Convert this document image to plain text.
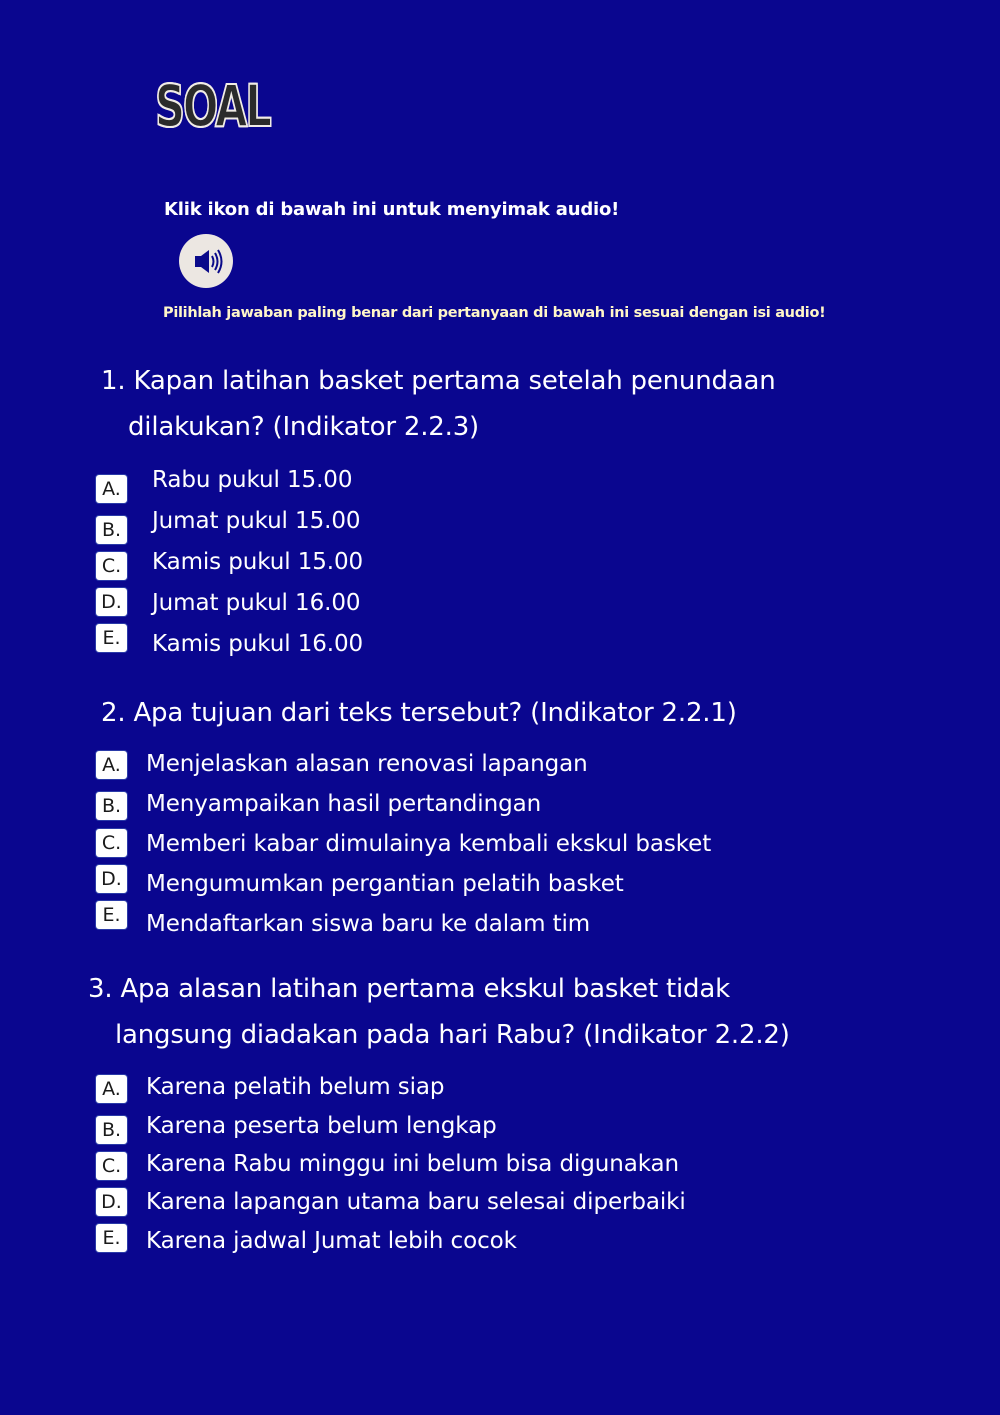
SOAL
Klik ikon di bawah ini untuk menyimak audio!
Pilihlah jawaban paling benar dari pertanyaan di bawah ini sesuai dengan isi audio!
1. Kapan latihan basket pertama setelah penundaan
dilakukan? (Indikator 2.2.3)
A.	Rabu pukul 15.00
B.	Jumat pukul 15.00
C. Kamis pukul 15.00
D. Jumat pukul 16.00
E.	Kamis pukul 16.00
2. Apa tujuan dari teks tersebut? (Indikator 2.2.1)
A.	Menjelaskan alasan renovasi lapangan
B.	Menyampaikan hasil pertandingan
C. Memberi kabar dimulainya kembali ekskul basket
D. Mengumumkan pergantian pelatih basket
E.	Mendaftarkan siswa baru ke dalam tim
3. Apa alasan latihan pertama ekskul basket tidak
langsung diadakan pada hari Rabu? (Indikator 2.2.2)
A.	Karena pelatih belum siap
B.	Karena peserta belum lengkap
C. Karena Rabu minggu ini belum bisa digunakan
D. Karena lapangan utama baru selesai diperbaiki
E.	Karena jadwal Jumat lebih cocok
